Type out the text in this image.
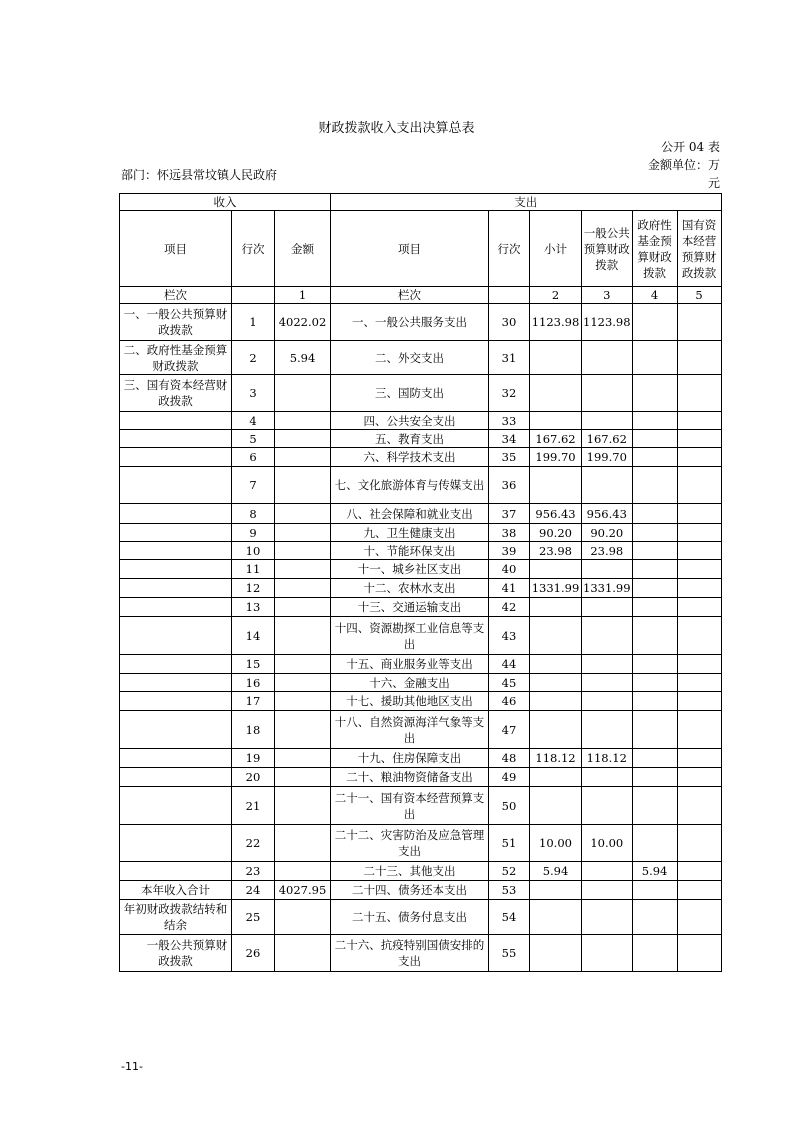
财政拨款收入支出决算总表
公开 04 表
金额单位：万
元
部门：怀远县常坟镇人民政府
收入			支出					
项目	行次	金额	项目	行次	小计	一般公共预算财政拨款	政府性基金预算财政拨款	国有资本经营预算财政拨款
栏次		1	栏次		2	3	4	5
一、一般公共预算财政拨款	1	4022.02	一、一般公共服务支出	30	1123.98	1123.98		
二、政府性基金预算财政拨款	2	5.94	二、外交支出	31				
三、国有资本经营财政拨款	3		三、国防支出	32				
	4		四、公共安全支出	33				
	5		五、教育支出	34	167.62	167.62		
	6		六、科学技术支出	35	199.70	199.70		
	7		七、文化旅游体育与传媒支出	36				
	8		八、社会保障和就业支出	37	956.43	956.43		
	9		九、卫生健康支出	38	90.20	90.20		
	10		十、节能环保支出	39	23.98	23.98		
	11		十一、城乡社区支出	40				
	12		十二、农林水支出	41	1331.99	1331.99		
	13		十三、交通运输支出	42				
	14		十四、资源勘探工业信息等支出	43				
	15		十五、商业服务业等支出	44				
	16		十六、金融支出	45				
	17		十七、援助其他地区支出	46				
	18		十八、自然资源海洋气象等支出	47				
	19		十九、住房保障支出	48	118.12	118.12		
	20		二十、粮油物资储备支出	49				
	21		二十一、国有资本经营预算支出	50				
	22		二十二、灾害防治及应急管理支出	51	10.00	10.00		
	23		二十三、其他支出	52	5.94		5.94	
本年收入合计	24	4027.95	二十四、债务还本支出	53				
年初财政拨款结转和结余	25		二十五、债务付息支出	54				
一般公共预算财政拨款	26		二十六、抗疫特别国债安排的支出	55				
-11-
